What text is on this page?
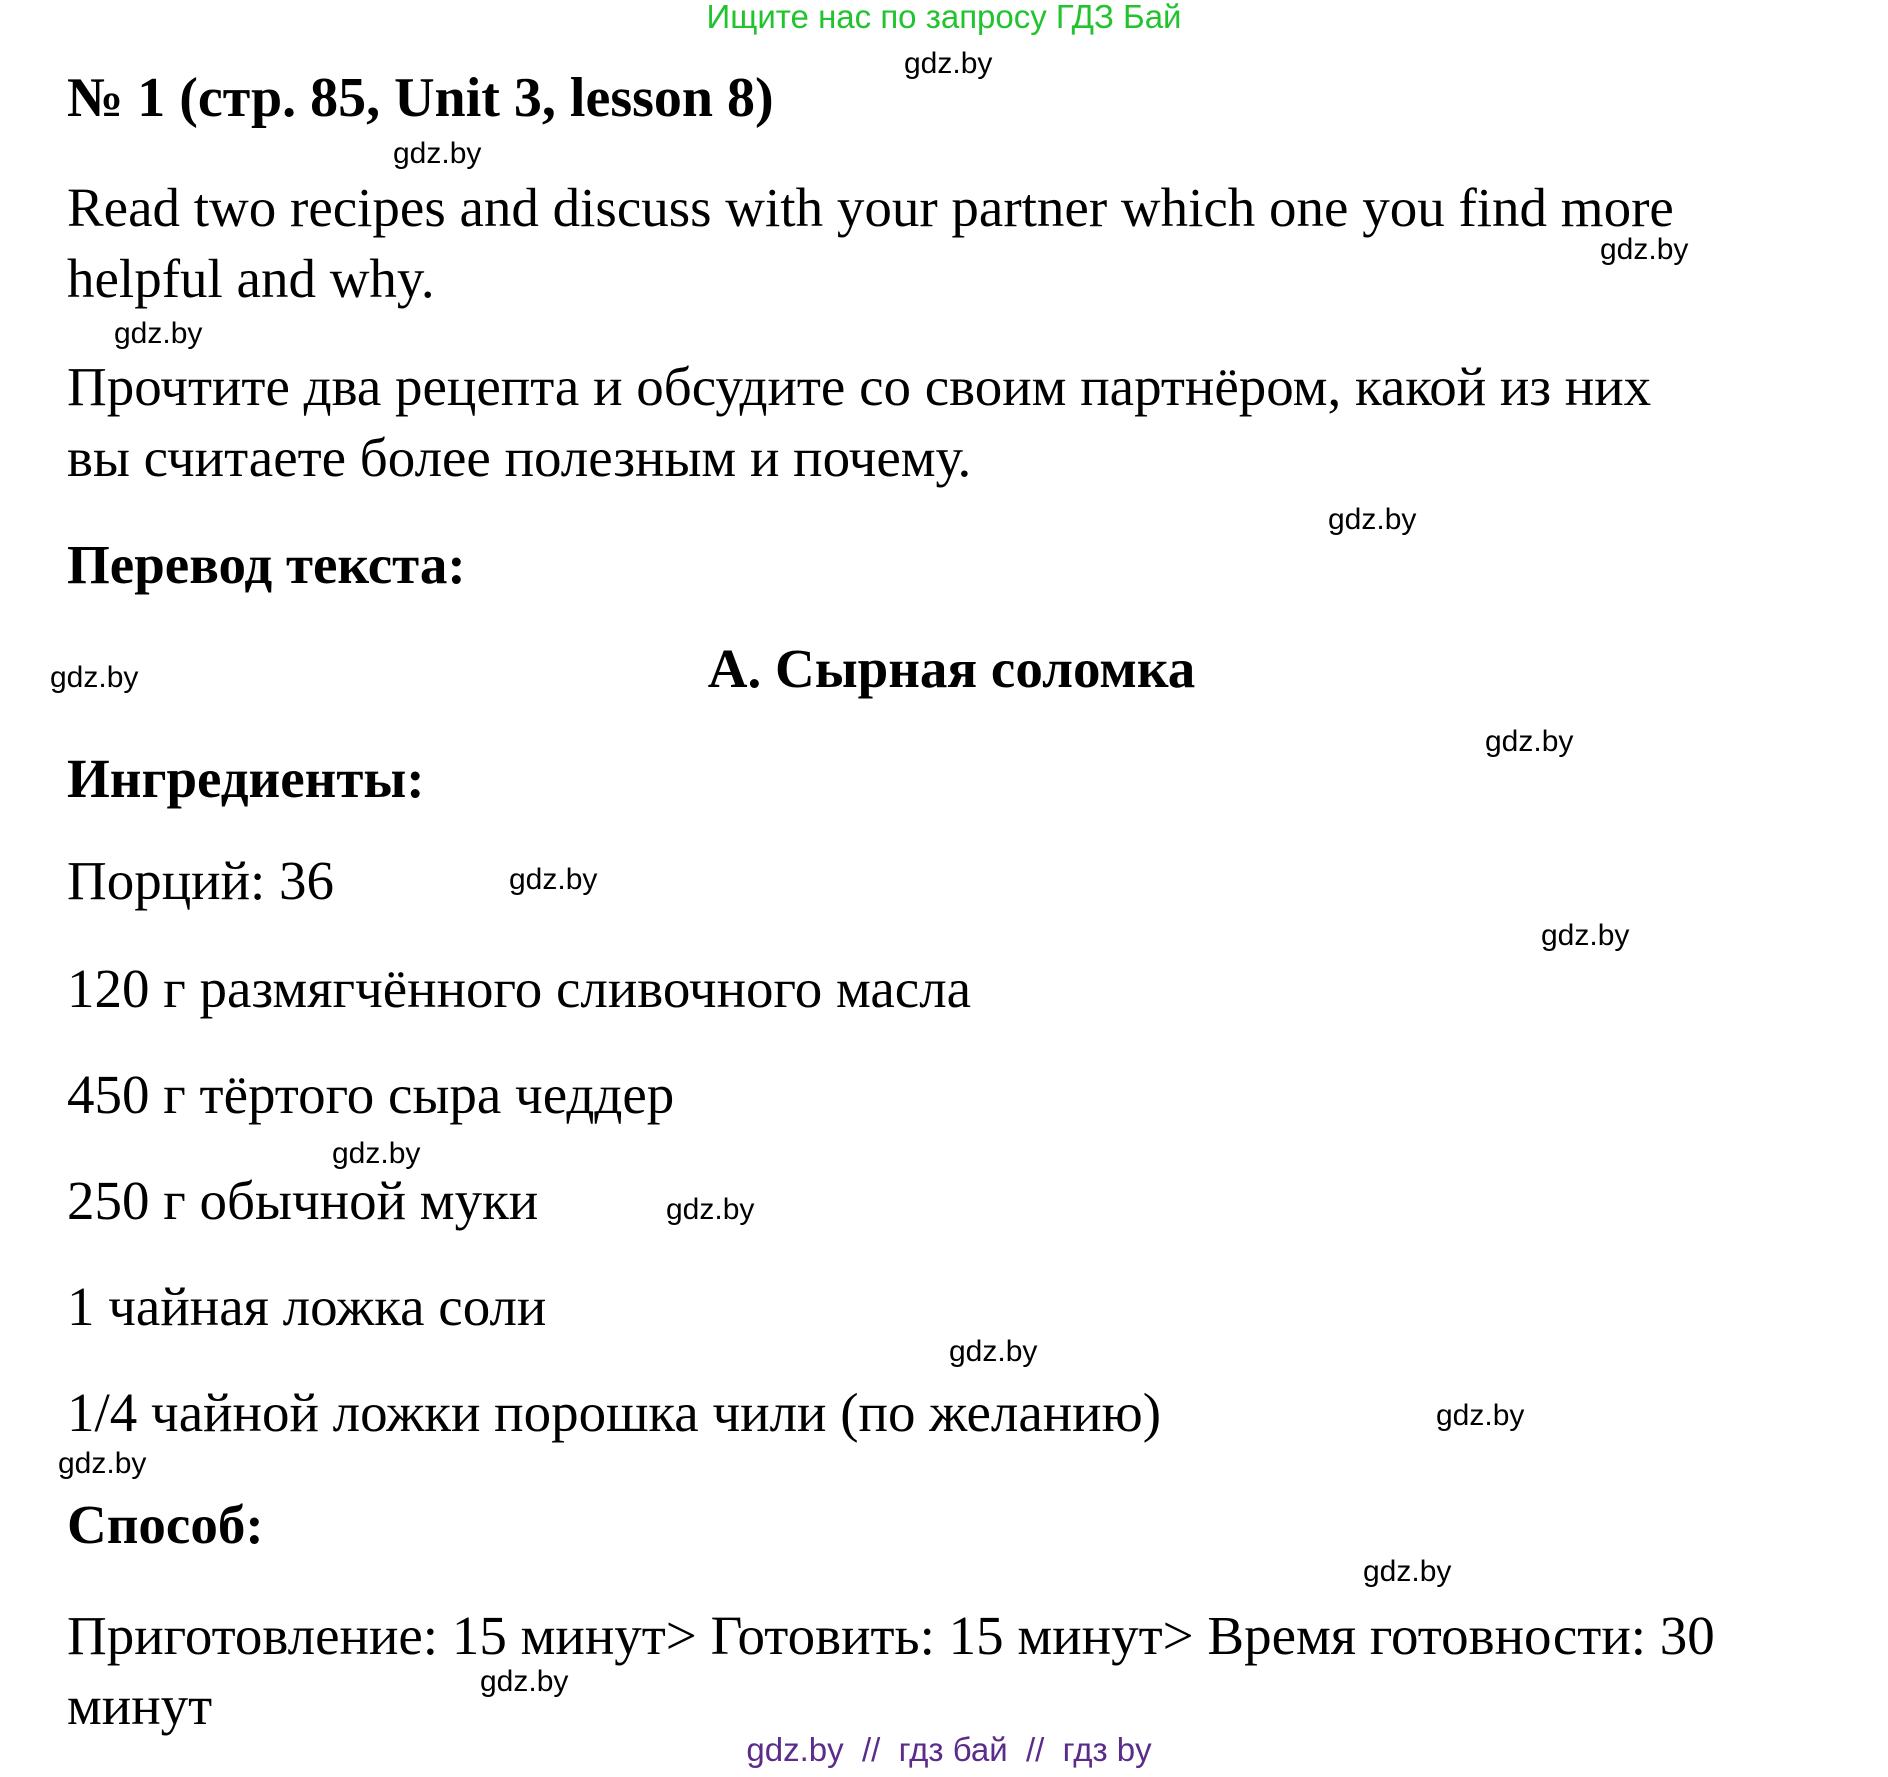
Ищите нас по запросу ГДЗ Бай
№ 1 (стр. 85, Unit 3, lesson 8)
Read two recipes and discuss with your partner which one you find more
helpful and why.
Прочтите два рецепта и обсудите со своим партнёром, какой из них
вы считаете более полезным и почему.
Перевод текста:
A. Сырная соломка
Ингредиенты:
Порций: 36
120 г размягчённого сливочного масла
450 г тёртого сыра чеддер
250 г обычной муки
1 чайная ложка соли
1/4 чайной ложки порошка чили (по желанию)
Способ:
Приготовление: 15 минут> Готовить: 15 минут> Время готовности: 30
минут
gdz.by
gdz.by
gdz.by
gdz.by
gdz.by
gdz.by
gdz.by
gdz.by
gdz.by
gdz.by
gdz.by
gdz.by
gdz.by
gdz.by
gdz.by
gdz.by
gdz.by  //  гдз бай  //  гдз by
